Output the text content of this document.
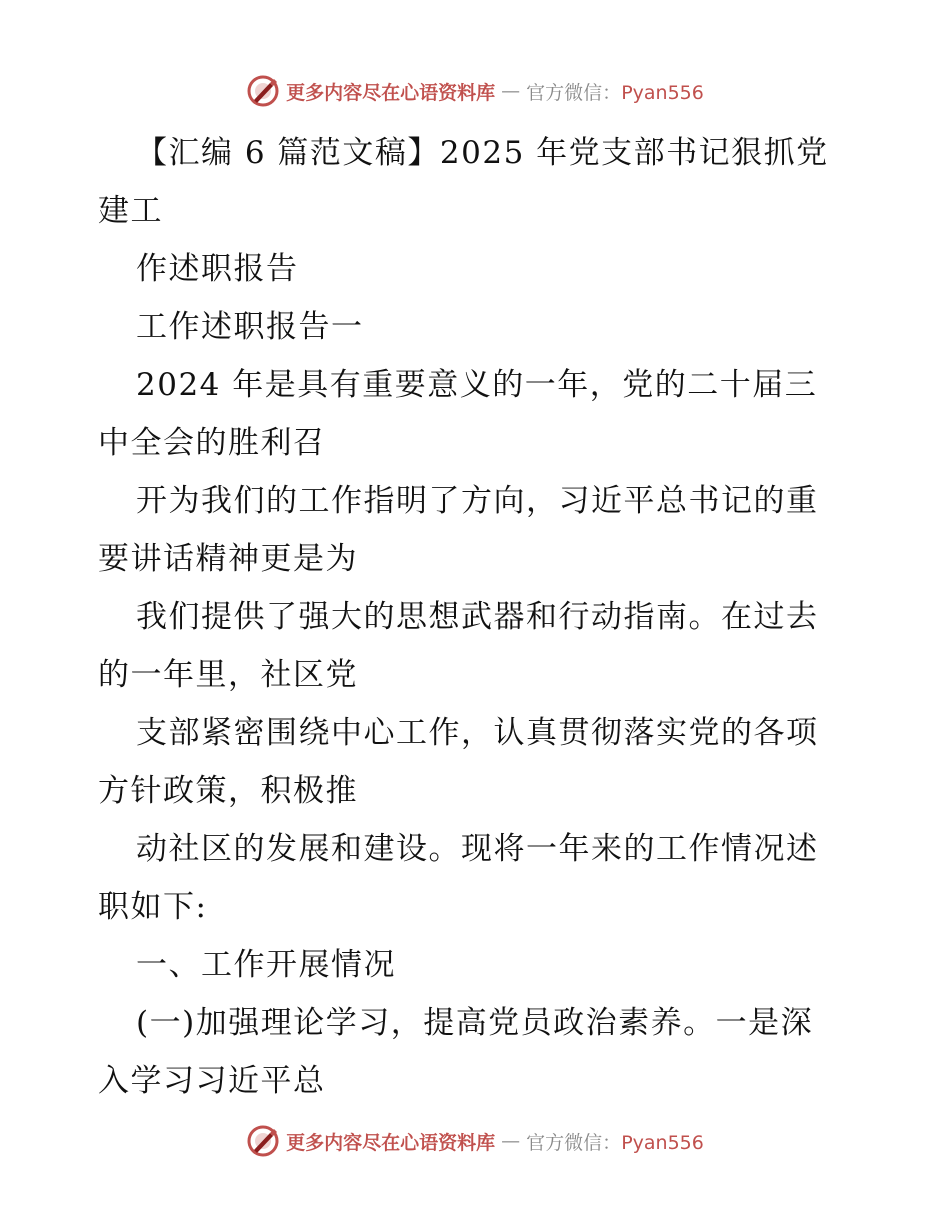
更多内容尽在心语资料库 — 官方微信：Pyan556
【汇编 6 篇范文稿】2025 年党支部书记狠抓党
建工
作述职报告
工作述职报告一
2024 年是具有重要意义的一年，党的二十届三
中全会的胜利召
开为我们的工作指明了方向，习近平总书记的重
要讲话精神更是为
我们提供了强大的思想武器和行动指南。在过去
的一年里，社区党
支部紧密围绕中心工作，认真贯彻落实党的各项
方针政策，积极推
动社区的发展和建设。现将一年来的工作情况述
职如下:
一、工作开展情况
(一)加强理论学习，提高党员政治素养。一是深
入学习习近平总
更多内容尽在心语资料库 — 官方微信：Pyan556
